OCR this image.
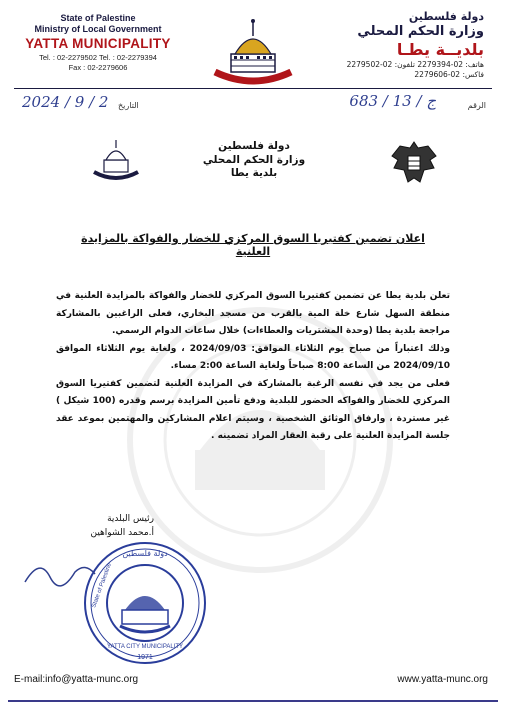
State of Palestine
Ministry of Local Government
YATTA MUNICIPALITY
Tel. : 02-2279502 Tel. : 02-2279394
Fax : 02-2279606
دولة فلسطين
وزارة الحكم المحلي
بلديــة يطـا
هاتف: 02-2279394 تلفون: 02-2279502
فاكس: 02-2279606
2024 / 9 / 2 التاريخ	683 / 13 / ج	الرقم
دولة فلسطين
وزارة الحكم المحلي
بلدية يطا
اعلان تضمين كفتيريا السوق المركزي للخضار والفواكة بالمزايدة العلنية
تعلن بلدية يطا عن تضمين كفتيريا السوق المركزي للخضار والفواكة بالمزايدة العلنية في منطقة السهل شارع خلة المية بالقرب من مسجد البخاري، فعلى الراغبين بالمشاركة مراجعة بلدية يطا (وحدة المشتريات والعطاءات) خلال ساعات الدوام الرسمي.
وذلك اعتباراً من صباح يوم الثلاثاء الموافق: 2024/09/03 ، ولغاية يوم الثلاثاء الموافق 2024/09/10 من الساعة 8:00 صباحاً ولغاية الساعة 2:00 مساء.
فعلى من يجد في نفسه الرغبة بالمشاركة في المزايدة العلنية لتضمين كفتيريا السوق المركزي للخضار والفواكه الحضور للبلدية ودفع تأمين المزايدة برسم وقدره (100 شيكل ) غير مستردة ، وارفاق الوثائق الشخصية ، وسيتم اعلام المشاركين والمهتمين بموعد عقد جلسة المزايدة العلنية على رقبة العقار المراد تضمينه .
رئيس البلدية
أ.محمد الشواهين
دولة فلسطين
State of Palestine
YATTA CITY MUNICIPALITY
1971
E-mail:info@yatta-munc.org	www.yatta-munc.org
